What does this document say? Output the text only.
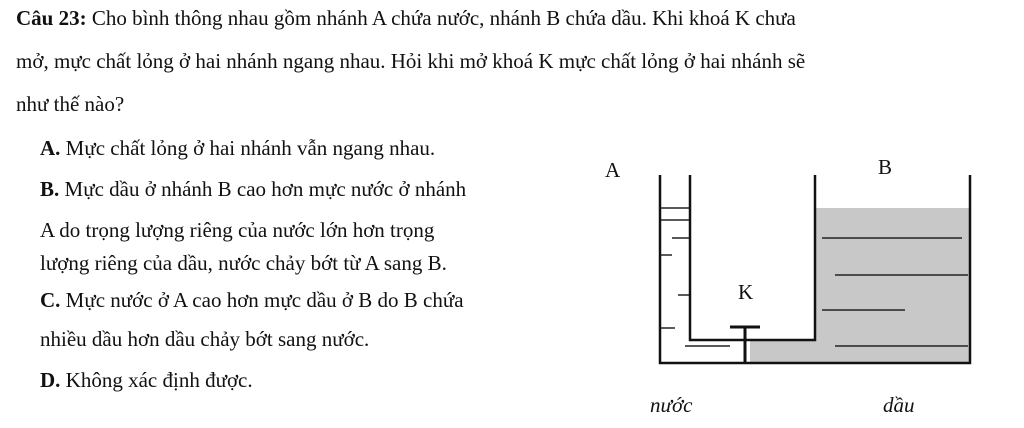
Câu 23: Cho bình thông nhau gồm nhánh A chứa nước, nhánh B chứa dầu. Khi khoá K chưa
mở, mực chất lỏng ở hai nhánh ngang nhau. Hỏi khi mở khoá K mực chất lỏng ở hai nhánh sẽ
như thế nào?
A. Mực chất lỏng ở hai nhánh vẫn ngang nhau.
B. Mực dầu ở nhánh B cao hơn mực nước ở nhánh
A do trọng lượng riêng của nước lớn hơn trọng
lượng riêng của dầu, nước chảy bớt từ A sang B.
C. Mực nước ở A cao hơn mực dầu ở B do B chứa
nhiều dầu hơn dầu chảy bớt sang nước.
D. Không xác định được.
A	B
K
nước	dầu
